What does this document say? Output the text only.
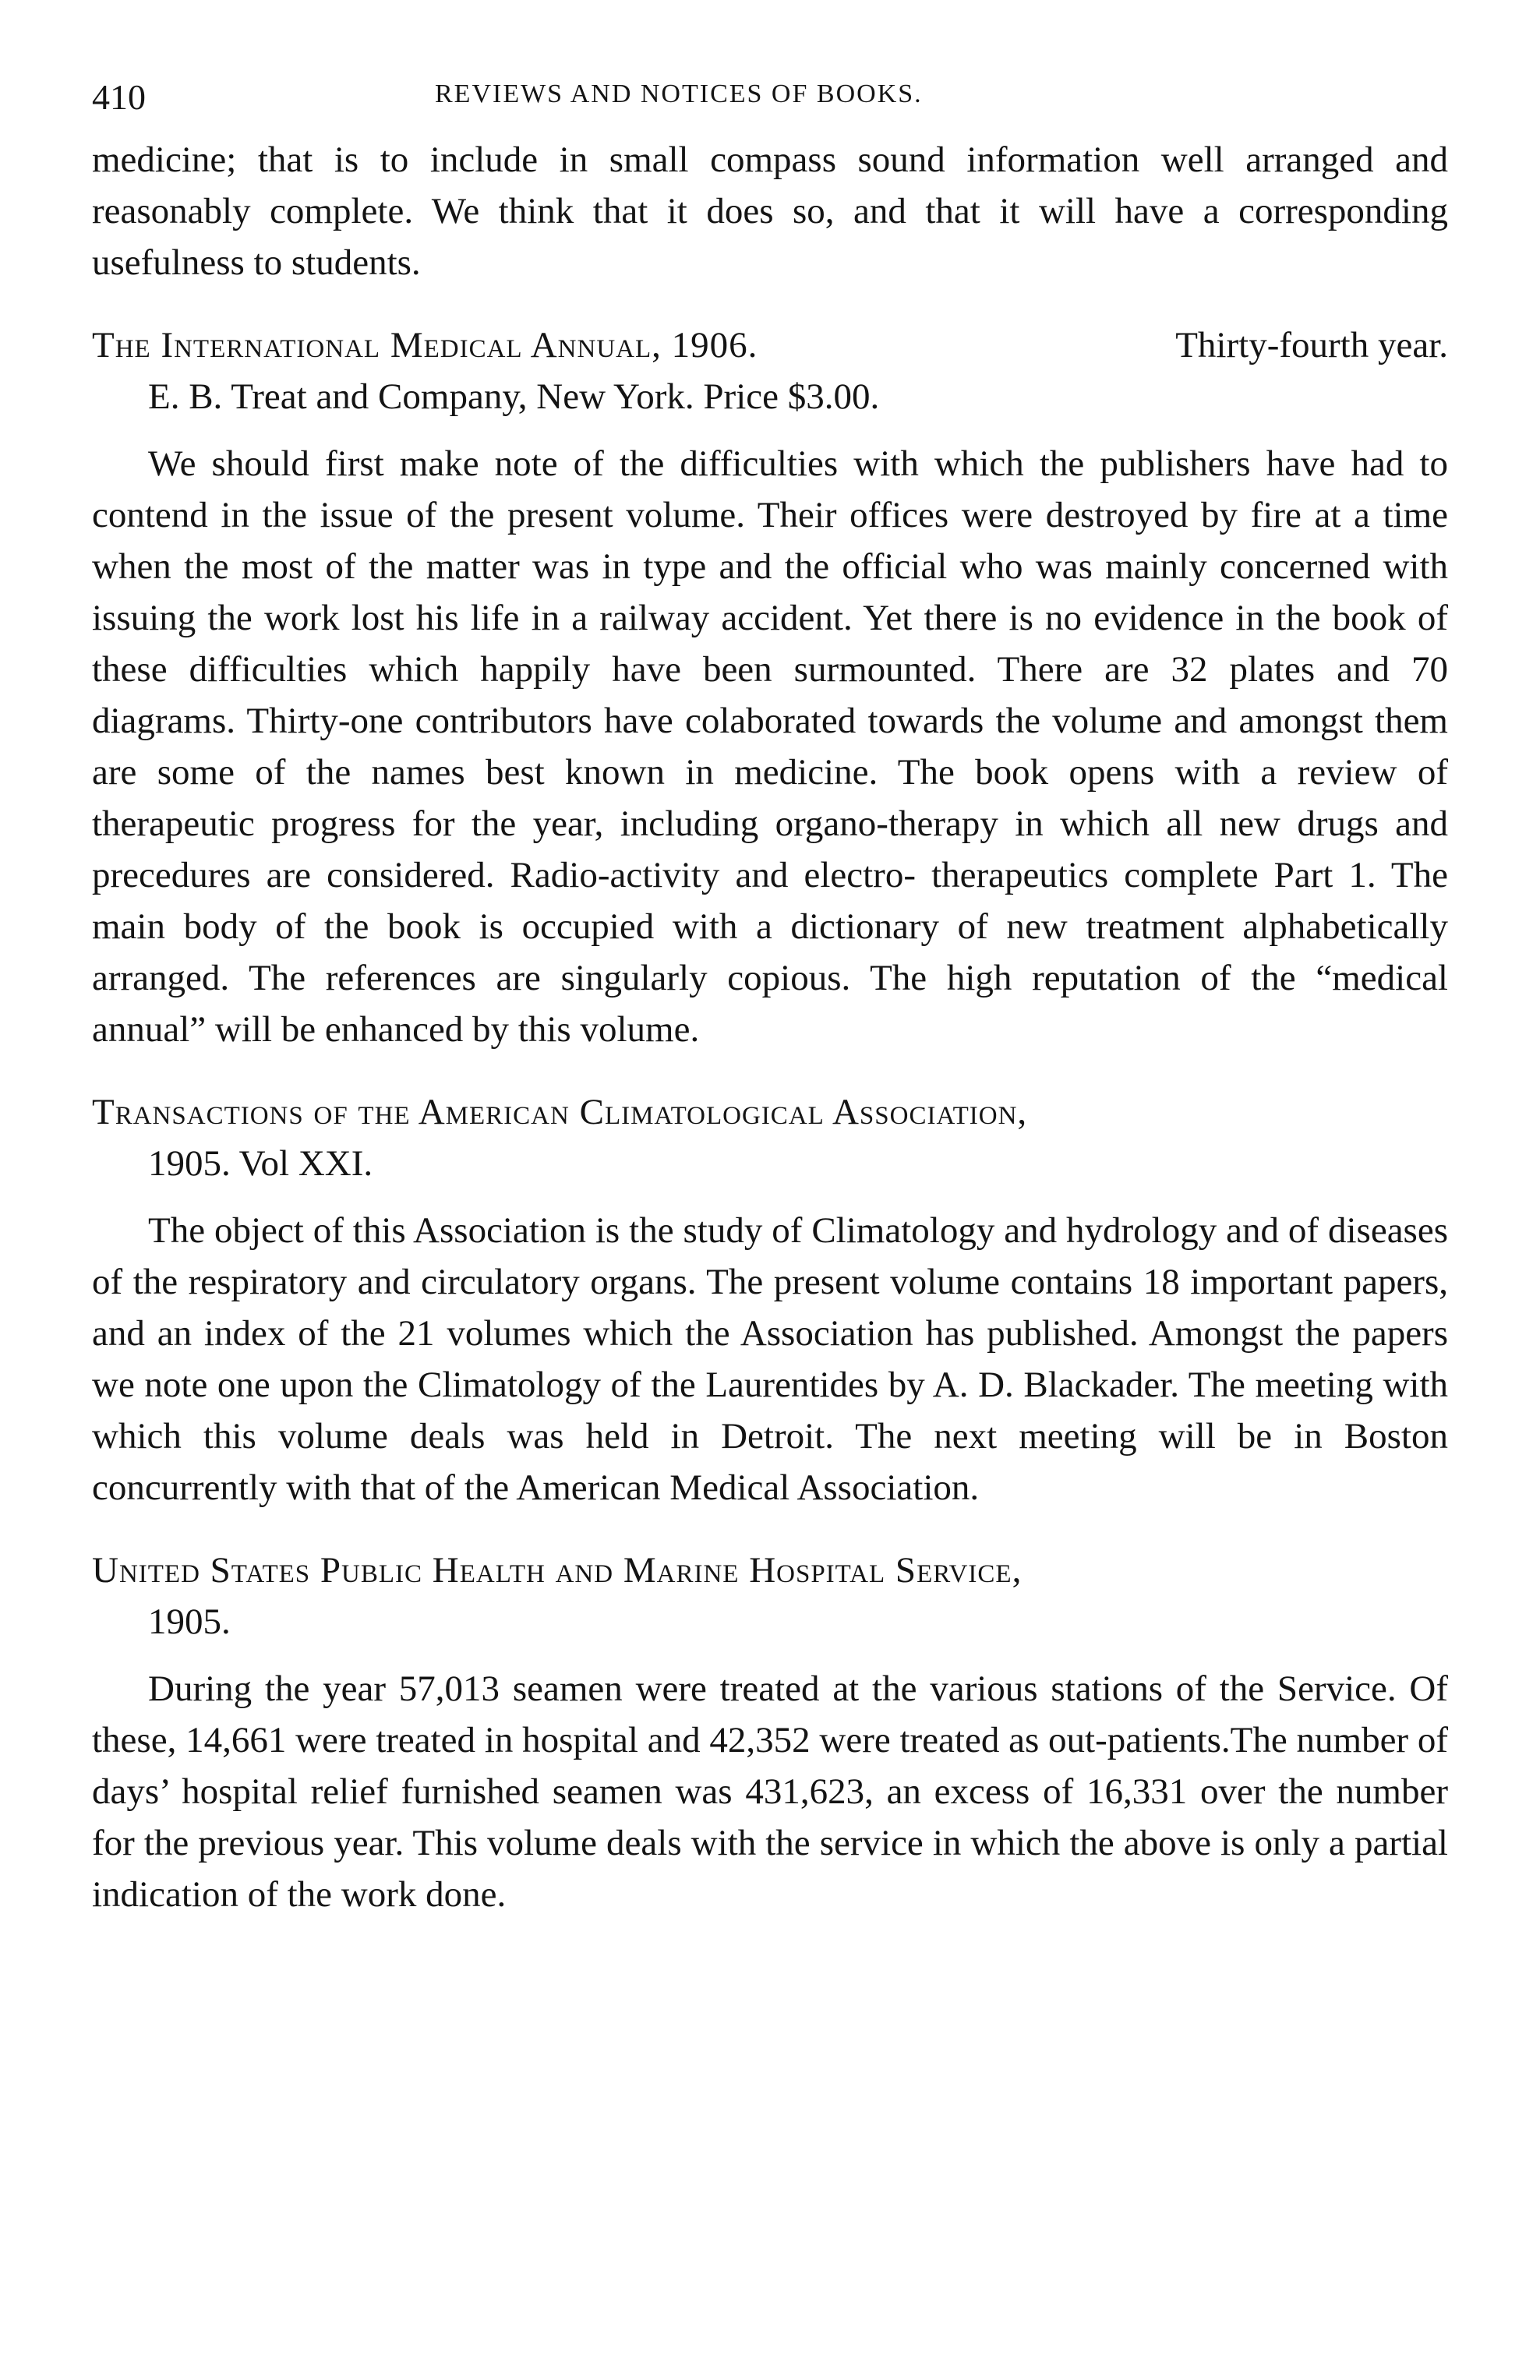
410	REVIEWS AND NOTICES OF BOOKS.

medicine; that is to include in small compass sound information well arranged and reasonably complete. We think that it does so, and that it will have a corresponding usefulness to students.

The International Medical Annual, 1906.	Thirty-fourth year.
E. B. Treat and Company, New York. Price $3.00.

We should first make note of the difficulties with which the publishers have had to contend in the issue of the present volume. Their offices were destroyed by fire at a time when the most of the matter was in type and the official who was mainly concerned with issuing the work lost his life in a railway accident. Yet there is no evidence in the book of these difficulties which happily have been surmounted. There are 32 plates and 70 diagrams. Thirty-one contributors have colaborated towards the volume and amongst them are some of the names best known in medicine. The book opens with a review of therapeutic progress for the year, including organo-therapy in which all new drugs and precedures are considered. Radio-activity and electro- therapeutics complete Part 1. The main body of the book is occupied with a dictionary of new treatment alphabetically arranged. The references are singularly copious. The high reputation of the “medical annual” will be enhanced by this volume.

Transactions of the American Climatological Association,
1905. Vol XXI.

The object of this Association is the study of Climatology and hydrology and of diseases of the respiratory and circulatory organs. The present volume contains 18 important papers, and an index of the 21 volumes which the Association has published. Amongst the papers we note one upon the Climatology of the Laurentides by A. D. Blackader. The meeting with which this volume deals was held in Detroit. The next meeting will be in Boston concurrently with that of the American Medical Association.

United States Public Health and Marine Hospital Service,
1905.

During the year 57,013 seamen were treated at the various stations of the Service. Of these, 14,661 were treated in hospital and 42,352 were treated as out-patients.The number of days’ hospital relief furnished seamen was 431,623, an excess of 16,331 over the number for the previous year. This volume deals with the service in which the above is only a partial indication of the work done.
